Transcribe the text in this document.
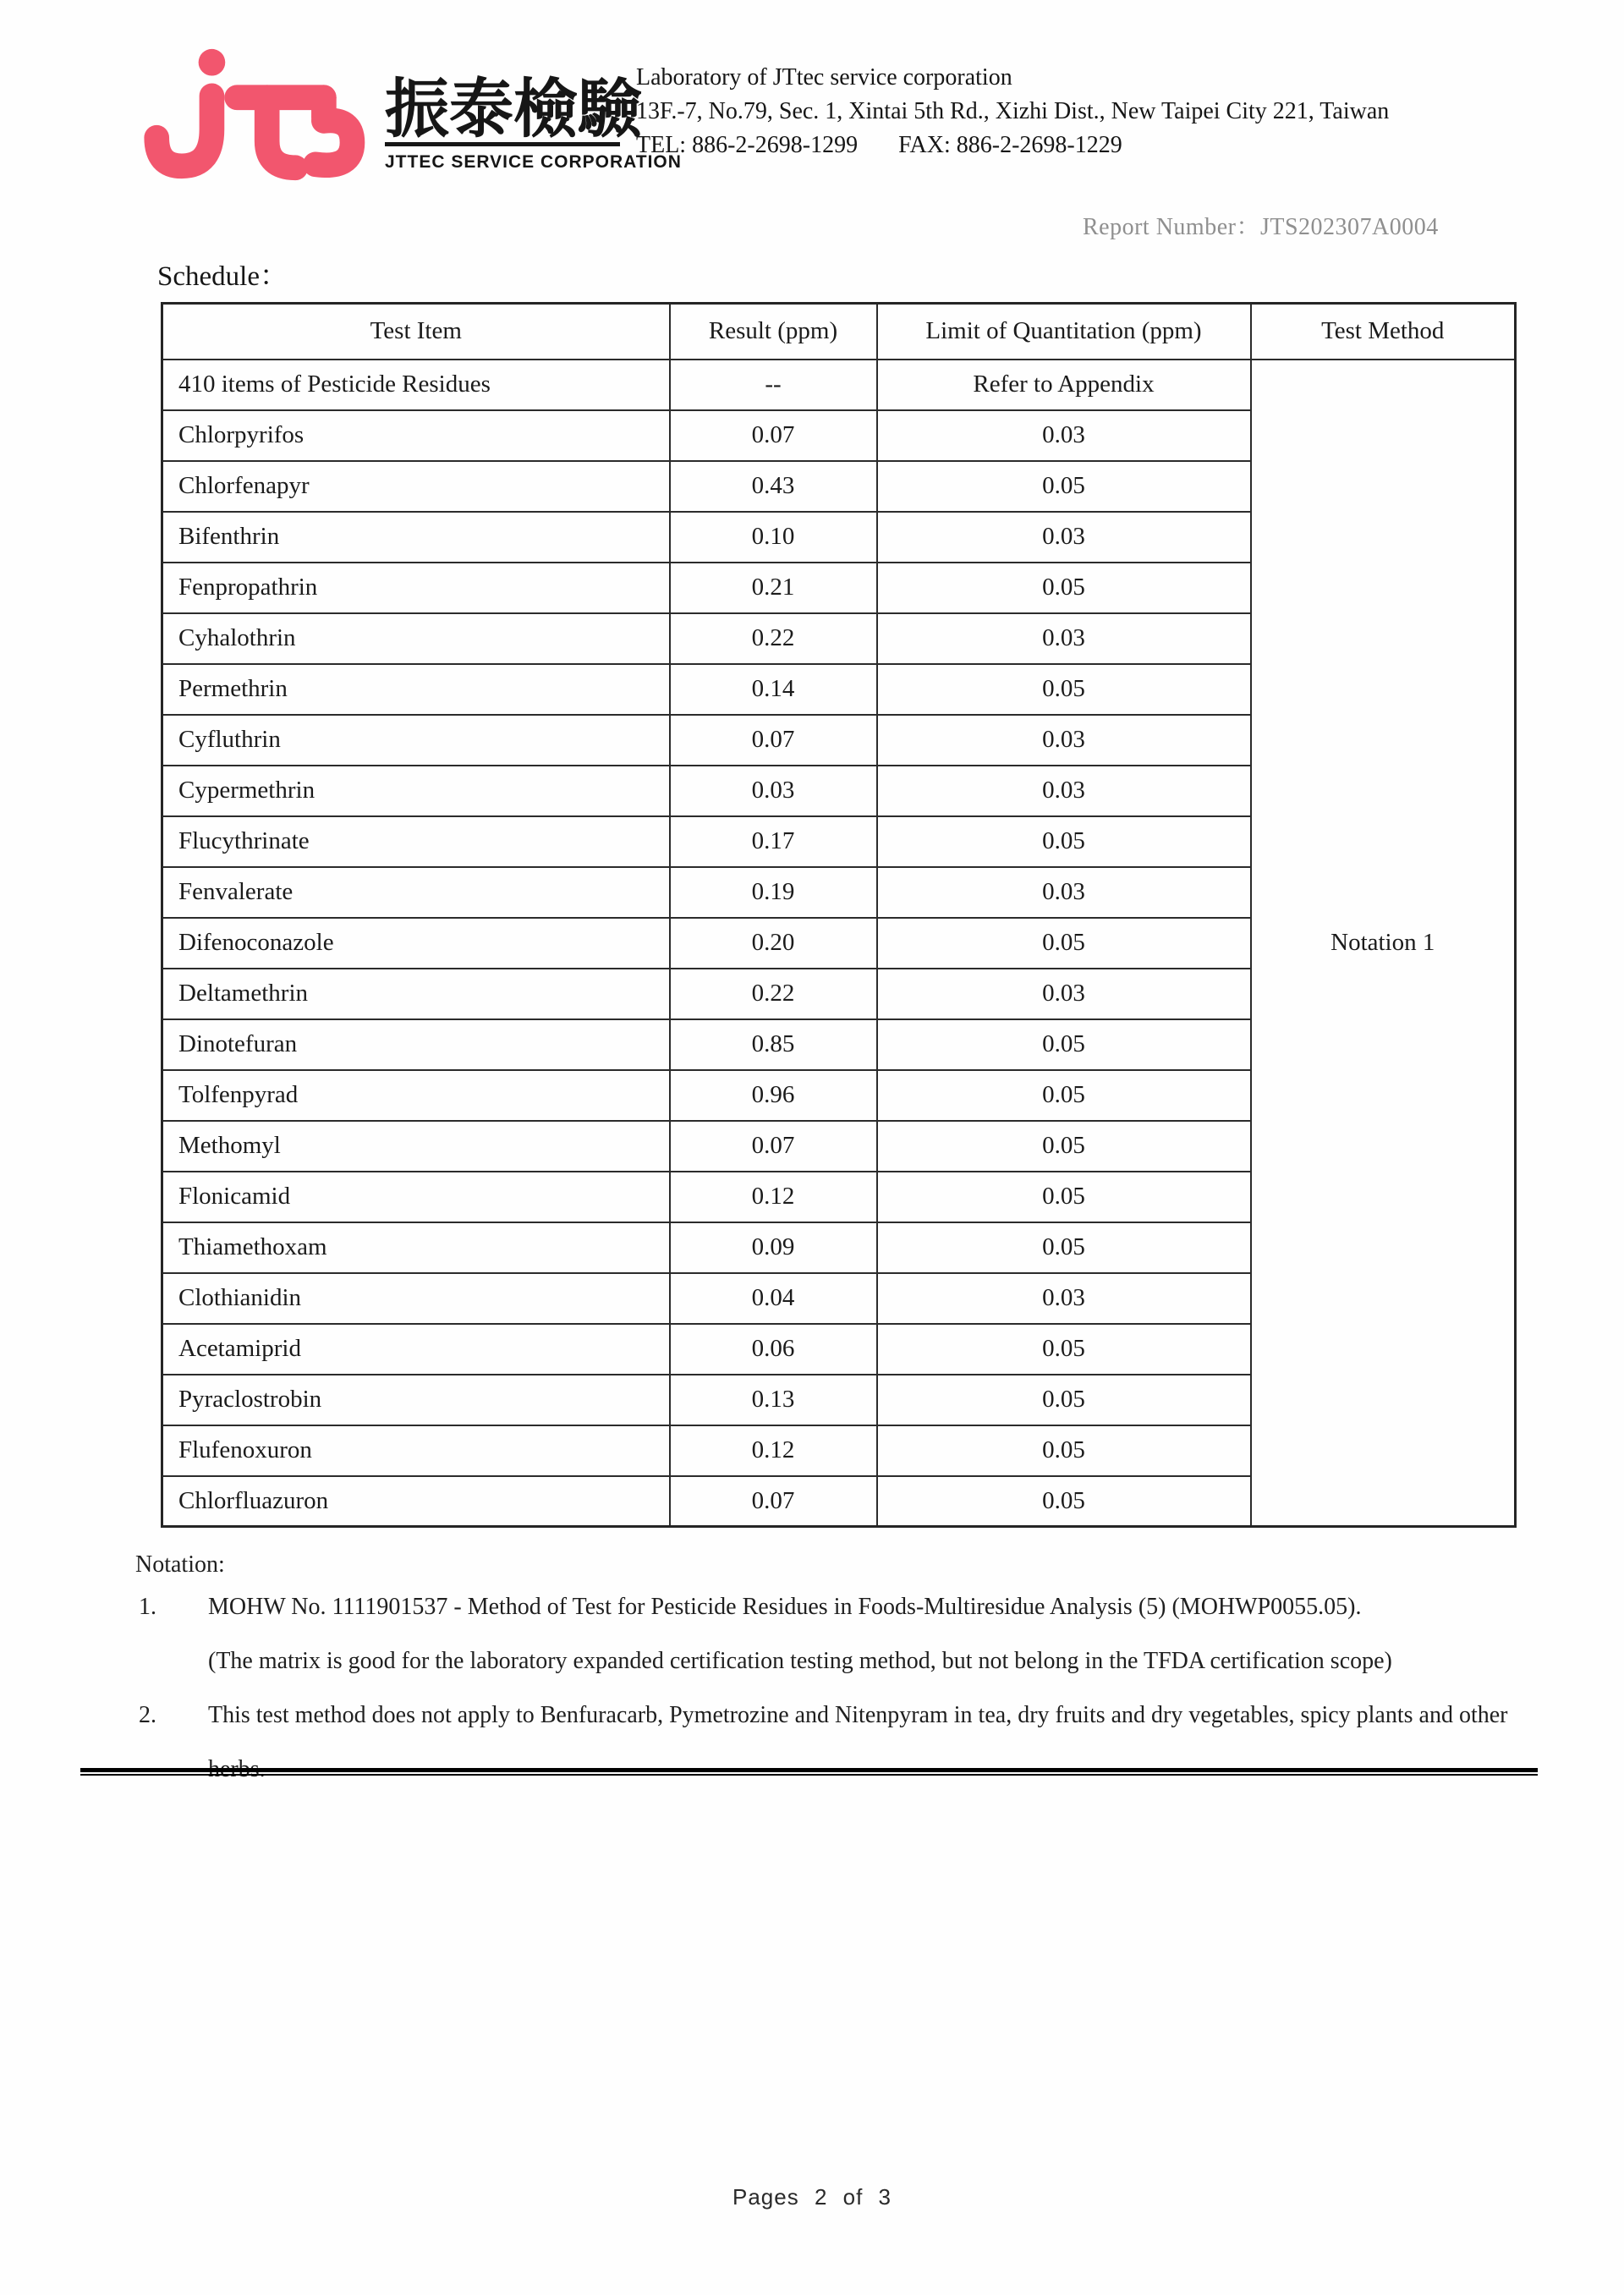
振泰檢驗
JTTEC SERVICE CORPORATION
Laboratory of JTtec service corporation
13F.-7, No.79, Sec. 1, Xintai 5th Rd., Xizhi Dist., New Taipei City 221, Taiwan
TEL: 886-2-2698-1299 FAX: 886-2-2698-1229
Report Number：JTS202307A0004
Schedule：
Test Item	Result (ppm)	Limit of Quantitation (ppm)	Test Method
410 items of Pesticide Residues	--	Refer to Appendix	Notation 1
Chlorpyrifos	0.07	0.03	
Chlorfenapyr	0.43	0.05	
Bifenthrin	0.10	0.03	
Fenpropathrin	0.21	0.05	
Cyhalothrin	0.22	0.03	
Permethrin	0.14	0.05	
Cyfluthrin	0.07	0.03	
Cypermethrin	0.03	0.03	
Flucythrinate	0.17	0.05	
Fenvalerate	0.19	0.03	
Difenoconazole	0.20	0.05	
Deltamethrin	0.22	0.03	
Dinotefuran	0.85	0.05	
Tolfenpyrad	0.96	0.05	
Methomyl	0.07	0.05	
Flonicamid	0.12	0.05	
Thiamethoxam	0.09	0.05	
Clothianidin	0.04	0.03	
Acetamiprid	0.06	0.05	
Pyraclostrobin	0.13	0.05	
Flufenoxuron	0.12	0.05	
Chlorfluazuron	0.07	0.05	
Notation:
1. MOHW No. 1111901537 - Method of Test for Pesticide Residues in Foods-Multiresidue Analysis (5) (MOHWP0055.05).
(The matrix is good for the laboratory expanded certification testing method, but not belong in the TFDA certification scope)
2. This test method does not apply to Benfuracarb, Pymetrozine and Nitenpyram in tea, dry fruits and dry vegetables, spicy plants and other
herbs.
Pages 2 of 3
